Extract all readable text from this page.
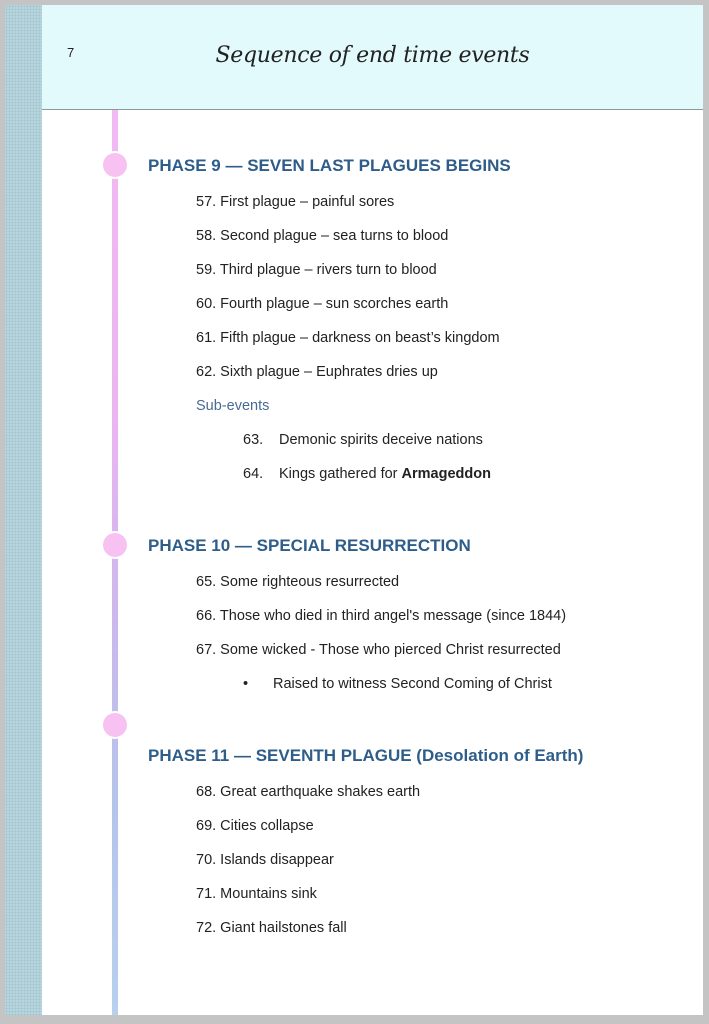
7	Sequence of end time events
PHASE 9 — SEVEN LAST PLAGUES BEGINS
57. First plague – painful sores
58. Second plague – sea turns to blood
59. Third plague – rivers turn to blood
60. Fourth plague – sun scorches earth
61. Fifth plague – darkness on beast’s kingdom
62. Sixth plague – Euphrates dries up
Sub-events
63. Demonic spirits deceive nations
64. Kings gathered for Armageddon
PHASE 10 — SPECIAL RESURRECTION
65. Some righteous resurrected
66. Those who died in third angel's message (since 1844)
67. Some wicked - Those who pierced Christ resurrected
• Raised to witness Second Coming of Christ
PHASE 11 — SEVENTH PLAGUE (Desolation of Earth)
68. Great earthquake shakes earth
69. Cities collapse
70. Islands disappear
71. Mountains sink
72. Giant hailstones fall
